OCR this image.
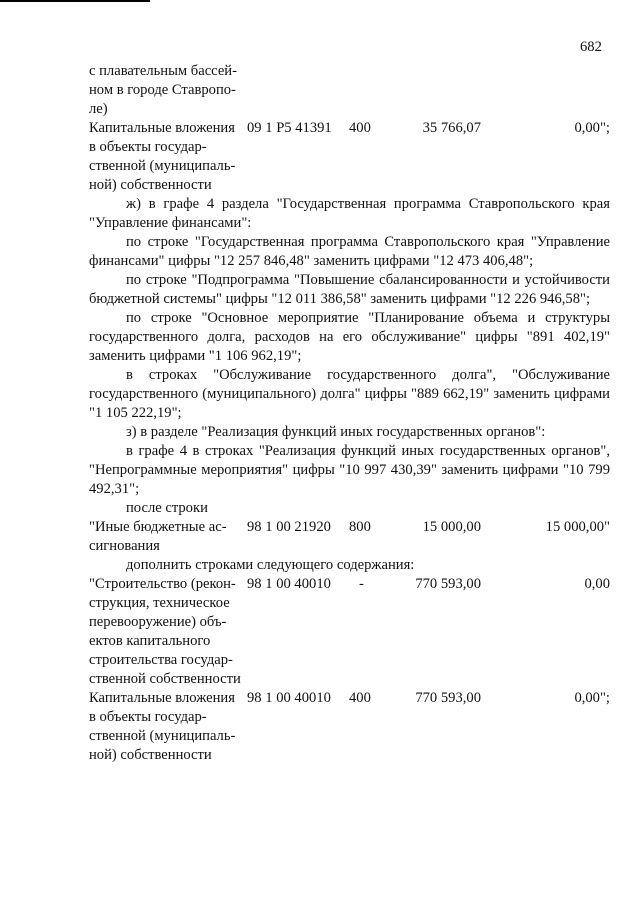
682
с плавательным бассей-
ном в городе Ставропо-
ле)
Капитальные вложения
в объекты государ-
ственной (муниципаль-
ной) собственности
09 1 P5 41391	400	35 766,07	0,00";

ж) в графе 4 раздела "Государственная программа Ставропольского края "Управление финансами":

по строке "Государственная программа Ставропольского края "Управление финансами" цифры "12 257 846,48" заменить цифрами "12 473 406,48";

по строке "Подпрограмма "Повышение сбалансированности и устойчивости бюджетной системы" цифры "12 011 386,58" заменить цифрами "12 226 946,58";

по строке "Основное мероприятие "Планирование объема и структуры государственного долга, расходов на его обслуживание" цифры "891 402,19" заменить цифрами "1 106 962,19";

в строках "Обслуживание государственного долга", "Обслуживание государственного (муниципального) долга" цифры "889 662,19" заменить цифрами "1 105 222,19";

з) в разделе "Реализация функций иных государственных органов":

в графе 4 в строках "Реализация функций иных государственных органов", "Непрограммные мероприятия" цифры "10 997 430,39" заменить цифрами "10 799 492,31";

после строки

"Иные бюджетные ас-
сигнования
98 1 00 21920	800	15 000,00	15 000,00"

дополнить строками следующего содержания:

"Строительство (рекон-
струкция, техническое
перевооружение) объ-
ектов капитального
строительства государ-
ственной собственности
98 1 00 40010	-	770 593,00	0,00
Капитальные вложения
в объекты государ-
ственной (муниципаль-
ной) собственности
98 1 00 40010	400	770 593,00	0,00";
